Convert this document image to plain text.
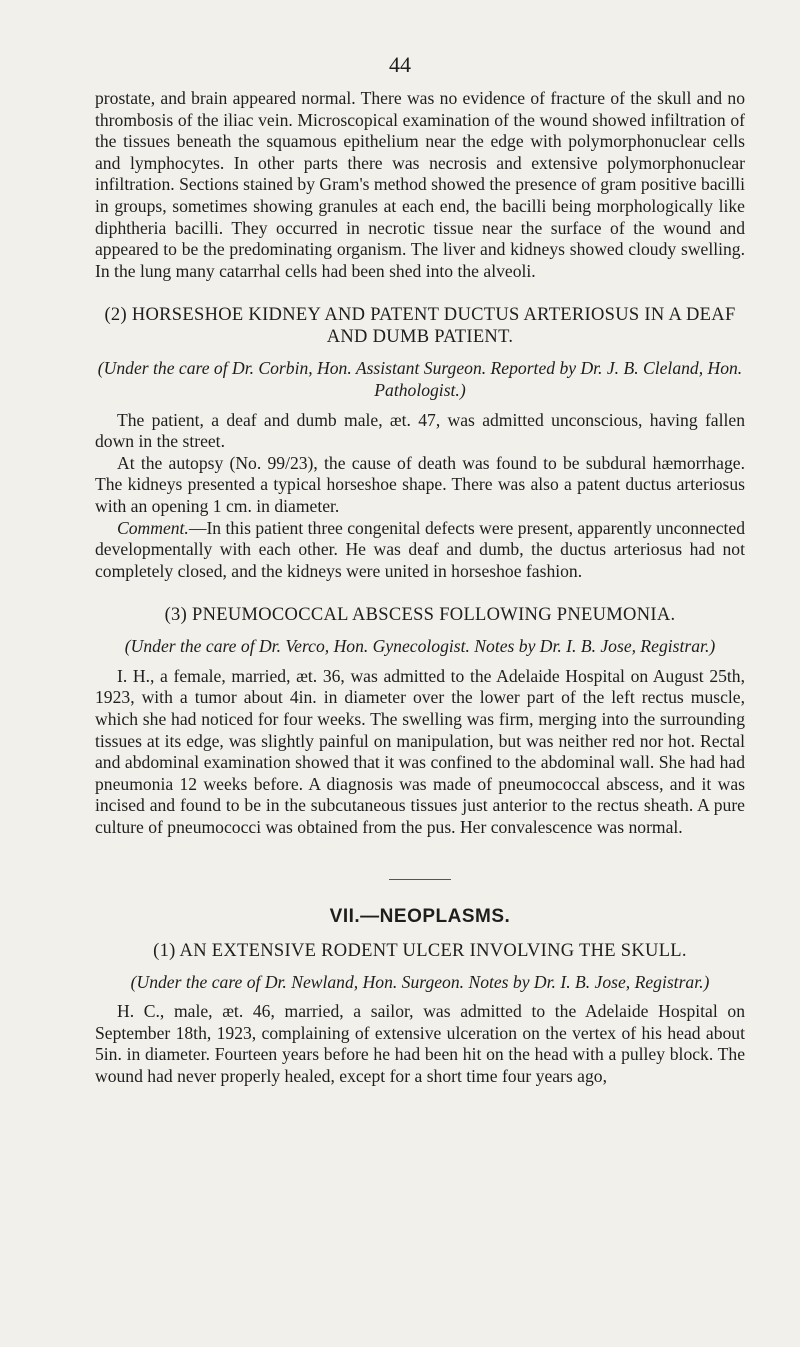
44

prostate, and brain appeared normal. There was no evidence of fracture of the skull and no thrombosis of the iliac vein. Microscopical examination of the wound showed infiltration of the tissues beneath the squamous epithelium near the edge with polymorphonuclear cells and lymphocytes. In other parts there was necrosis and extensive polymorphonuclear infiltration. Sections stained by Gram's method showed the presence of gram positive bacilli in groups, sometimes showing granules at each end, the bacilli being morphologically like diphtheria bacilli. They occurred in necrotic tissue near the surface of the wound and appeared to be the predominating organism. The liver and kidneys showed cloudy swelling. In the lung many catarrhal cells had been shed into the alveoli.

(2) HORSESHOE KIDNEY AND PATENT DUCTUS ARTERIOSUS IN A DEAF AND DUMB PATIENT.
(Under the care of Dr. Corbin, Hon. Assistant Surgeon. Reported by Dr. J. B. Cleland, Hon. Pathologist.)

The patient, a deaf and dumb male, æt. 47, was admitted unconscious, having fallen down in the street.

At the autopsy (No. 99/23), the cause of death was found to be subdural hæmorrhage. The kidneys presented a typical horseshoe shape. There was also a patent ductus arteriosus with an opening 1 cm. in diameter.

Comment.—In this patient three congenital defects were present, apparently unconnected developmentally with each other. He was deaf and dumb, the ductus arteriosus had not completely closed, and the kidneys were united in horseshoe fashion.

(3) PNEUMOCOCCAL ABSCESS FOLLOWING PNEUMONIA.
(Under the care of Dr. Verco, Hon. Gynecologist. Notes by Dr. I. B. Jose, Registrar.)

I. H., a female, married, æt. 36, was admitted to the Adelaide Hospital on August 25th, 1923, with a tumor about 4in. in diameter over the lower part of the left rectus muscle, which she had noticed for four weeks. The swelling was firm, merging into the surrounding tissues at its edge, was slightly painful on manipulation, but was neither red nor hot. Rectal and abdominal examination showed that it was confined to the abdominal wall. She had had pneumonia 12 weeks before. A diagnosis was made of pneumococcal abscess, and it was incised and found to be in the subcutaneous tissues just anterior to the rectus sheath. A pure culture of pneumococci was obtained from the pus. Her convalescence was normal.

VII.—NEOPLASMS.
(1) AN EXTENSIVE RODENT ULCER INVOLVING THE SKULL.
(Under the care of Dr. Newland, Hon. Surgeon. Notes by Dr. I. B. Jose, Registrar.)

H. C., male, æt. 46, married, a sailor, was admitted to the Adelaide Hospital on September 18th, 1923, complaining of extensive ulceration on the vertex of his head about 5in. in diameter. Fourteen years before he had been hit on the head with a pulley block. The wound had never properly healed, except for a short time four years ago,
